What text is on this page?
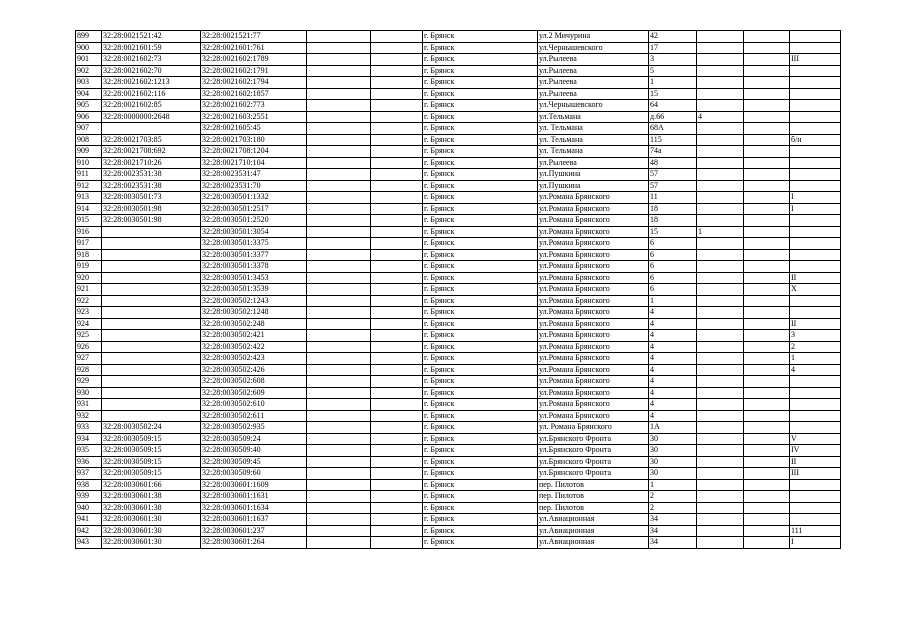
899	32:28:0021521:42	32:28:0021521:77			г. Брянск	ул.2 Мичурина	42			
900	32:28:0021601:59	32:28:0021601:761			г. Брянск	ул.Чернышевского	17			
901	32:28:0021602:73	32:28:0021602:1789			г. Брянск	ул.Рылеева	3			III
902	32:28:0021602:70	32:28:0021602:1791			г. Брянск	ул.Рылеева	5			
903	32:28:0021602:1213	32:28:0021602:1794			г. Брянск	ул.Рылеева	1			
904	32:28:0021602:116	32:28:0021602:1857			г. Брянск	ул.Рылеева	15			
905	32:28:0021602:85	32:28:0021602:773			г. Брянск	ул.Чернышевского	64			
906	32:28:0000000:2648	32:28:0021603:2551			г. Брянск	ул.Тельмана	д.66	4		
907		32:28:0021605:45			г. Брянск	ул. Тельмана	68А			
908	32:28:0021703:85	32:28:0021703:180			г. Брянск	ул. Тельмана	115			б/н
909	32:28:0021708:692	32:28:0021708:1204			г. Брянск	ул. Тельмана	74а			
910	32:28:0021710:26	32:28:0021710:104			г. Брянск	ул.Рылеева	48			
911	32:28:0023531:38	32:28:0023531:47			г. Брянск	ул.Пушкина	57			
912	32:28:0023531:38	32:28:0023531:70			г. Брянск	ул.Пушкина	57			
913	32:28:0030501:73	32:28:0030501:1332			г. Брянск	ул.Романа Брянского	11			I
914	32:28:0030501:98	32:28:0030501:2517			г. Брянск	ул.Романа Брянского	18			I
915	32:28:0030501:98	32:28:0030501:2520			г. Брянск	ул.Романа Брянского	18			
916		32:28:0030501:3054			г. Брянск	ул.Романа Брянского	15	1		
917		32:28:0030501:3375			г. Брянск	ул.Романа Брянского	6			
918		32:28:0030501:3377			г. Брянск	ул.Романа Брянского	6			
919		32:28:0030501:3378			г. Брянск	ул.Романа Брянского	6			
920		32:28:0030501:3453			г. Брянск	ул.Романа Брянского	6			II
921		32:28:0030501:3539			г. Брянск	ул.Романа Брянского	6			X
922		32:28:0030502:1243			г. Брянск	ул.Романа Брянского	1			
923		32:28:0030502:1248			г. Брянск	ул.Романа Брянского	4			
924		32:28:0030502:248			г. Брянск	ул.Романа Брянского	4			II
925		32:28:0030502:421			г. Брянск	ул.Романа Брянского	4			3
926		32:28:0030502:422			г. Брянск	ул.Романа Брянского	4			2
927		32:28:0030502:423			г. Брянск	ул.Романа Брянского	4			1
928		32:28:0030502:426			г. Брянск	ул.Романа Брянского	4			4
929		32:28:0030502:608			г. Брянск	ул.Романа Брянского	4			
930		32:28:0030502:609			г. Брянск	ул.Романа Брянского	4			
931		32:28:0030502:610			г. Брянск	ул.Романа Брянского	4			
932		32:28:0030502:611			г. Брянск	ул.Романа Брянского	4			
933	32:28:0030502:24	32:28:0030502:935			г. Брянск	ул. Романа Брянского	1А			
934	32:28:0030509:15	32:28:0030509:24			г. Брянск	ул.Брянского Фронта	30			V
935	32:28:0030509:15	32:28:0030509:40			г. Брянск	ул.Брянского Фронта	30			IV
936	32:28:0030509:15	32:28:0030509:45			г. Брянск	ул.Брянского Фронта	30			II
937	32:28:0030509:15	32:28:0030509:60			г. Брянск	ул.Брянского Фронта	30			III
938	32:28:0030601:66	32:28:0030601:1609			г. Брянск	пер. Пилотов	1			
939	32:28:0030601:38	32:28:0030601:1631			г. Брянск	пер. Пилотов	2			
940	32:28:0030601:38	32:28:0030601:1634			г. Брянск	пер. Пилотов	2			
941	32:28:0030601:30	32:28:0030601:1637			г. Брянск	ул.Авиационная	34			
942	32:28:0030601:30	32:28:0030601:237			г. Брянск	ул.Авиационная	34			111
943	32:28:0030601:30	32:28:0030601:264			г. Брянск	ул.Авиационная	34			I
